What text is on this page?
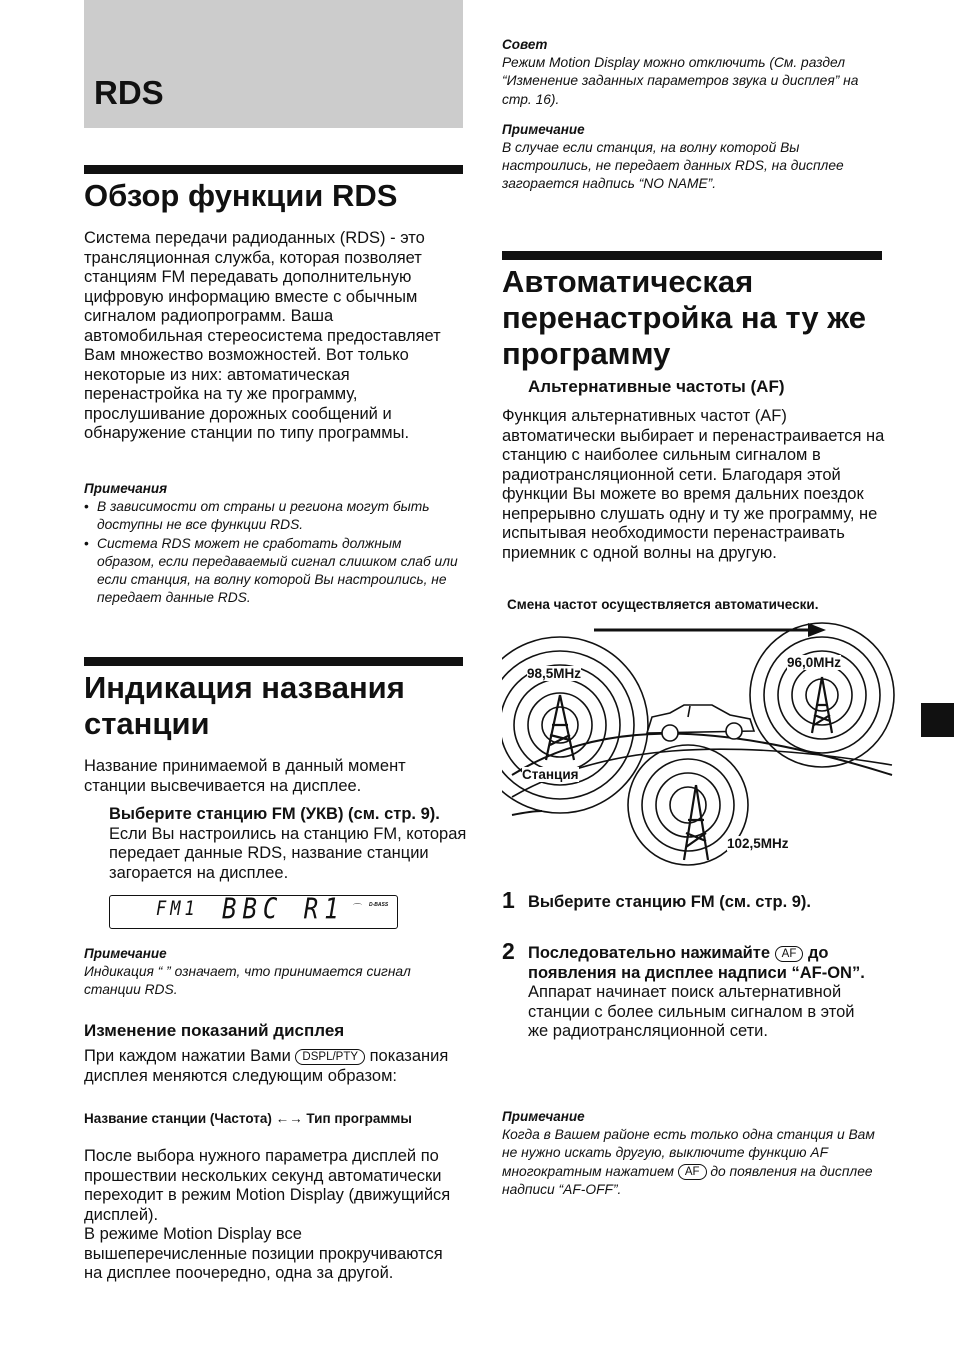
RDS
Обзор функции RDS

Система передачи радиоданных (RDS) - это трансляционная служба, которая позволяет станциям FM передавать дополнительную цифровую информацию вместе с обычным сигналом радиопрограмм. Ваша автомобильная стереосистема предоставляет Вам множество возможностей. Вот только некоторые из них: автоматическая перенастройка на ту же программу, прослушивание дорожных сообщений и обнаружение станции по типу программы.

Примечания
• В зависимости от страны и региона могут быть доступны не все функции RDS.
• Система RDS может не сработать должным образом, если передаваемый сигнал слишком слаб или если станция, на волну которой Вы настроились, не передает данные RDS.
Индикация названия станции

Название принимаемой в данный момент станции высвечивается на дисплее.

Выберите станцию FM (УКВ) (см. стр. 9).

Если Вы настроились на станцию FM, которая передает данные RDS, название станции загорается на дисплее.

FM1 BBC R1 ⌒ D-BASS
Примечание
Индикация “ ” означает, что принимается сигнал станции RDS.
Изменение показаний дисплея

При каждом нажатии Вами DSPL/PTY показания дисплея меняются следующим образом:

Название станции (Частота) ←→ Тип программы

После выбора нужного параметра дисплей по прошествии нескольких секунд автоматически переходит в режим Motion Display (движущийся дисплей).

В режиме Motion Display все вышеперечисленные позиции прокручиваются на дисплее поочередно, одна за другой.

Совет
Режим Motion Display можно отключить (См. раздел “Изменение заданных параметров звука и дисплея” на стр. 16).
Примечание
В случае если станция, на волну которой Вы настроились, не передает данных RDS, на дисплее загорается надпись “NO NAME”.
Автоматическая перенастройка на ту же программу
Альтернативные частоты (AF)

Функция альтернативных частот (AF) автоматически выбирает и перенастраивается на станцию с наиболее сильным сигналом в радиотрансляционной сети. Благодаря этой функции Вы можете во время дальних поездок непрерывно слушать одну и ту же программу, не испытывая необходимости перенастраивать приемник с одной волны на другую.

Смена частот осуществляется автоматически.
98,5MHz
96,0MHz
Станция
102,5MHz
1 Выберите станцию FM (см. стр. 9).

2 Последовательно нажимайте AF до появления на дисплее надписи “AF-ON”.

Аппарат начинает поиск альтернативной станции с более сильным сигналом в этой же радиотрансляционной сети.

Примечание
Когда в Вашем районе есть только одна станция и Вам не нужно искать другую, выключите функцию AF многократным нажатием AF до появления на дисплее надписи “AF-OFF”.
